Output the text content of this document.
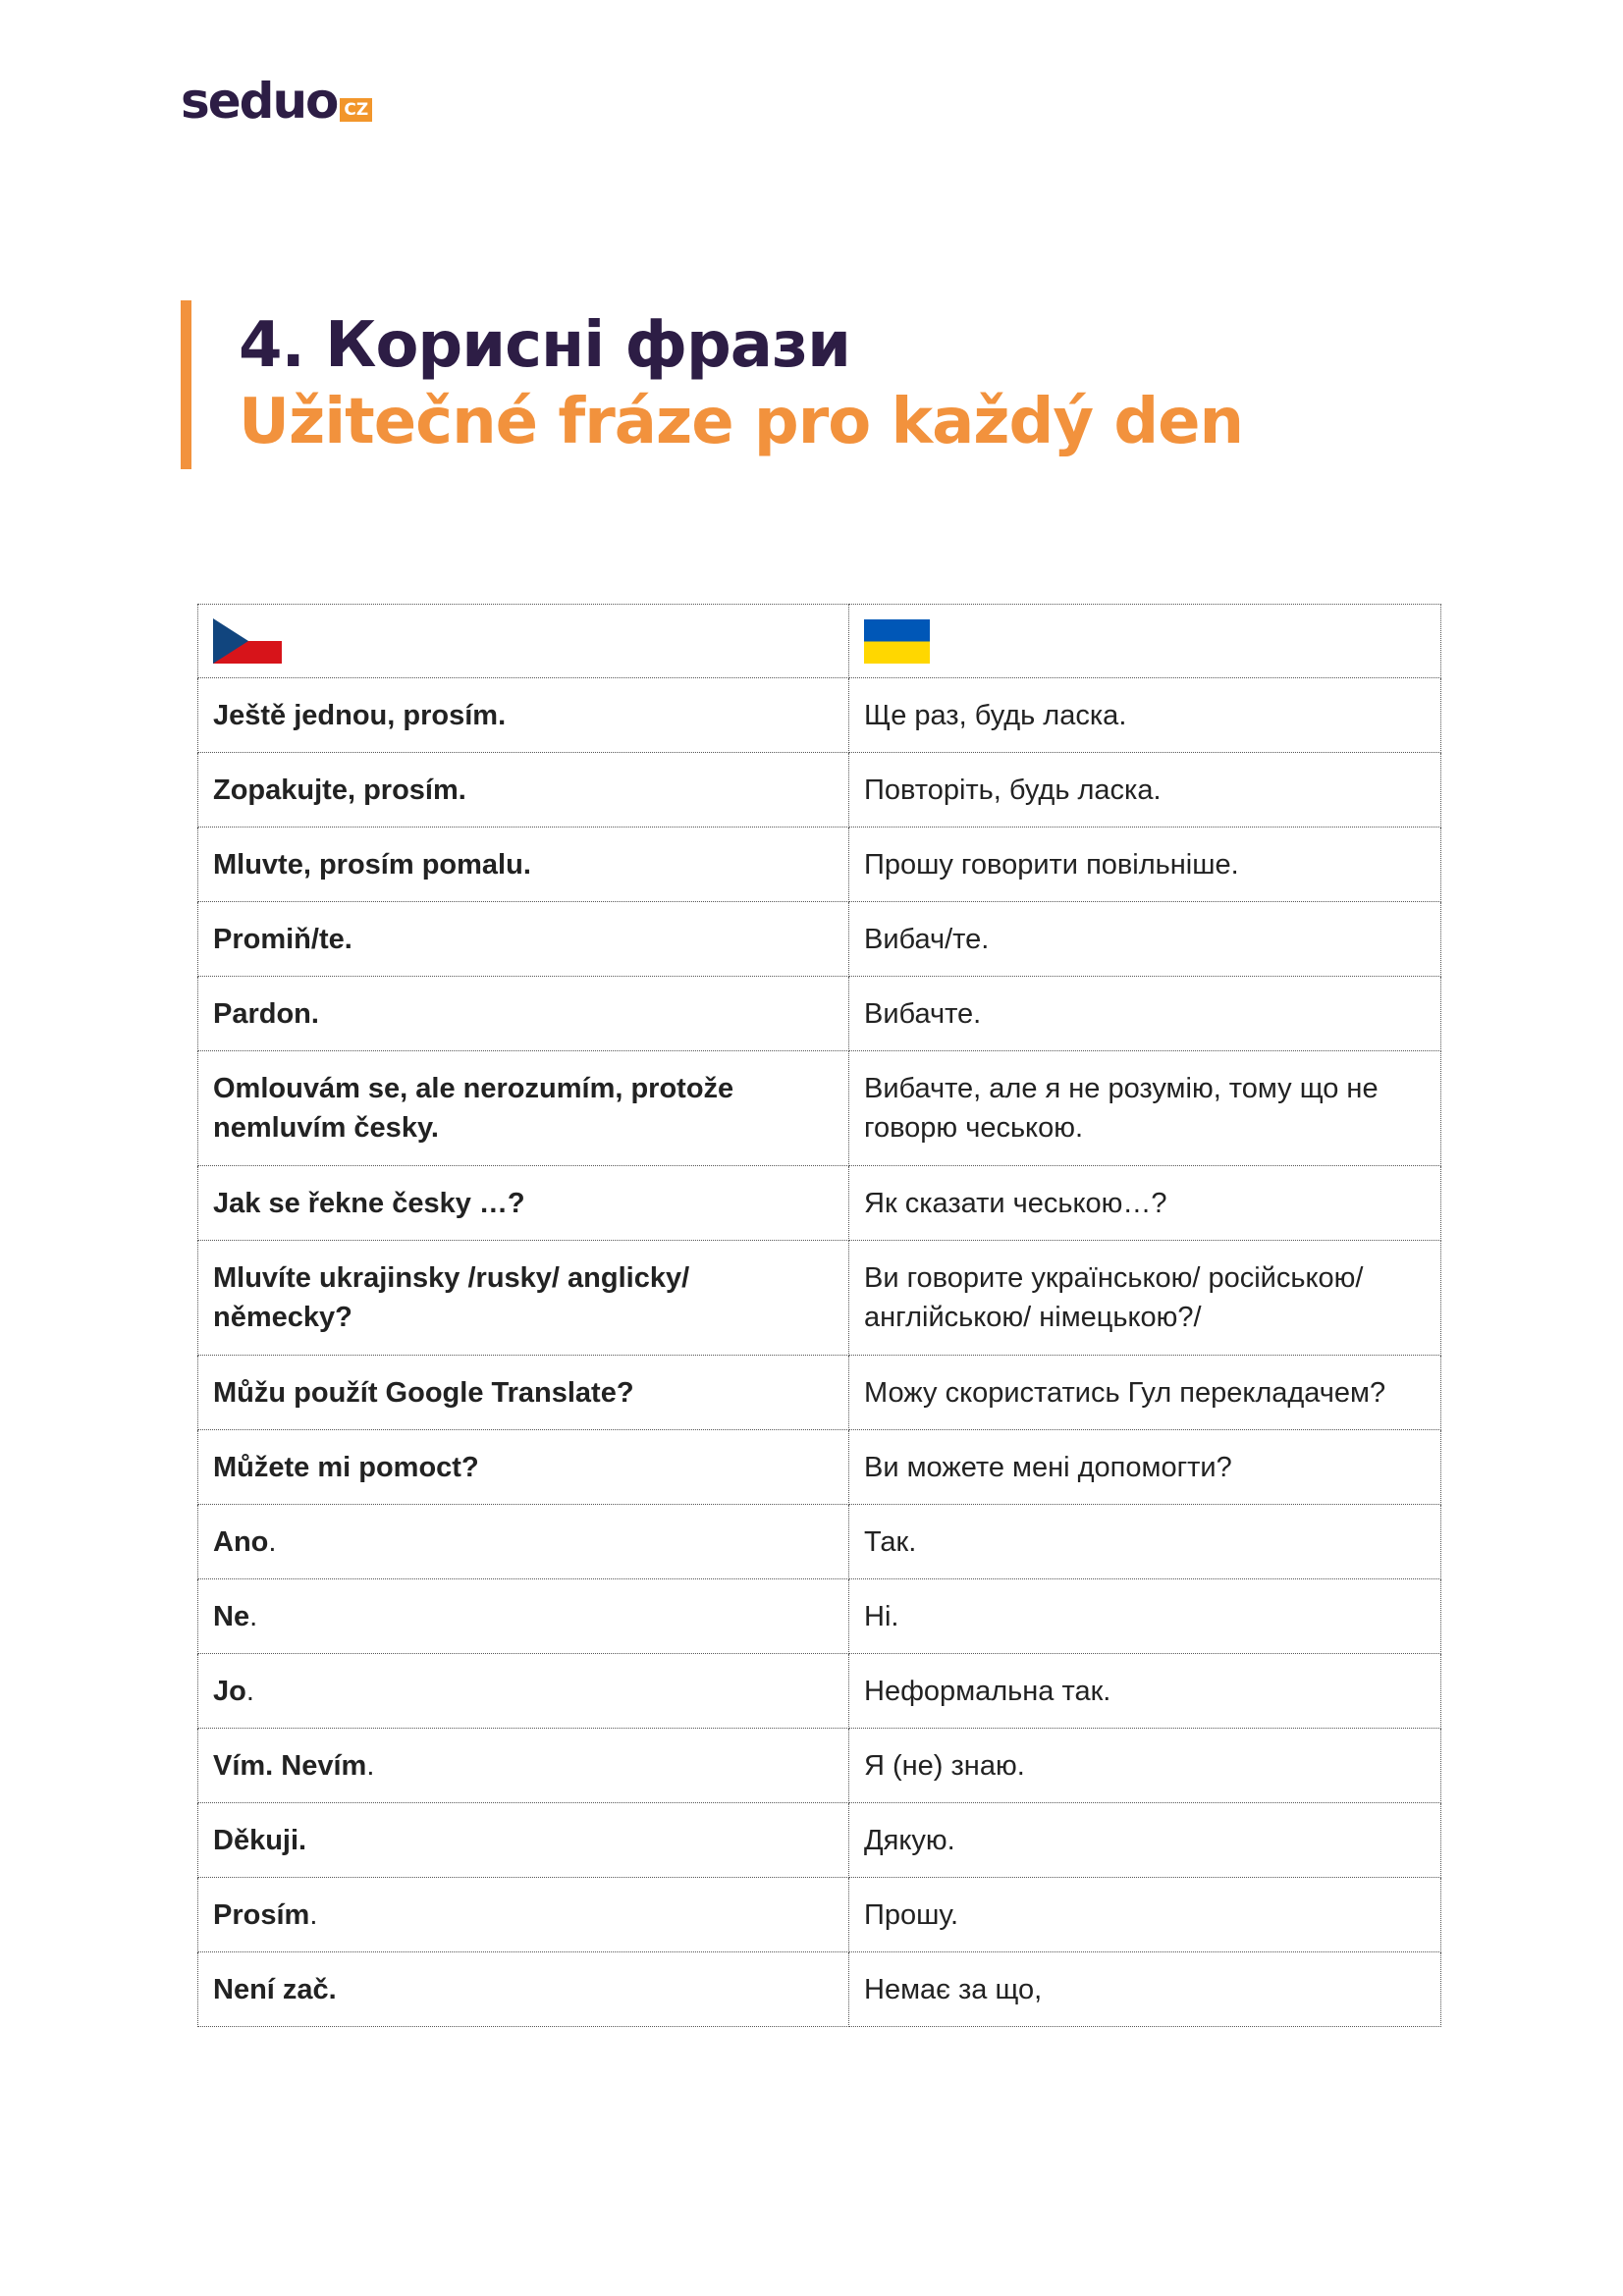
seduo CZ
4. Корисні фрази
Užitečné fráze pro každý den

Ještě jednou, prosím.	Ще раз, будь ласка.
Zopakujte, prosím.	Повторіть, будь ласка.
Mluvte, prosím pomalu.	Прошу говорити повільніше.
Promiň/te.	Вибач/те.
Pardon.	Вибачте.
Omlouvám se, ale nerozumím, protože nemluvím česky.	Вибачте, але я не розумію, тому що не говорю чеською.
Jak se řekne česky …?	Як сказати чеською…?
Mluvíte ukrajinsky /rusky/ anglicky/ německy?	Ви говорите українською/ російською/ англійською/ німецькою?/
Můžu použít Google Translate?	Можу скористатись Гул перекладачем?
Můžete mi pomoct?	Ви можете мені допомогти?
Ano.	Так.
Ne.	Ні.
Jo.	Неформальна так.
Vím. Nevím.	Я (не) знаю.
Děkuji.	Дякую.
Prosím.	Прошу.
Není zač.	Немає за що,
